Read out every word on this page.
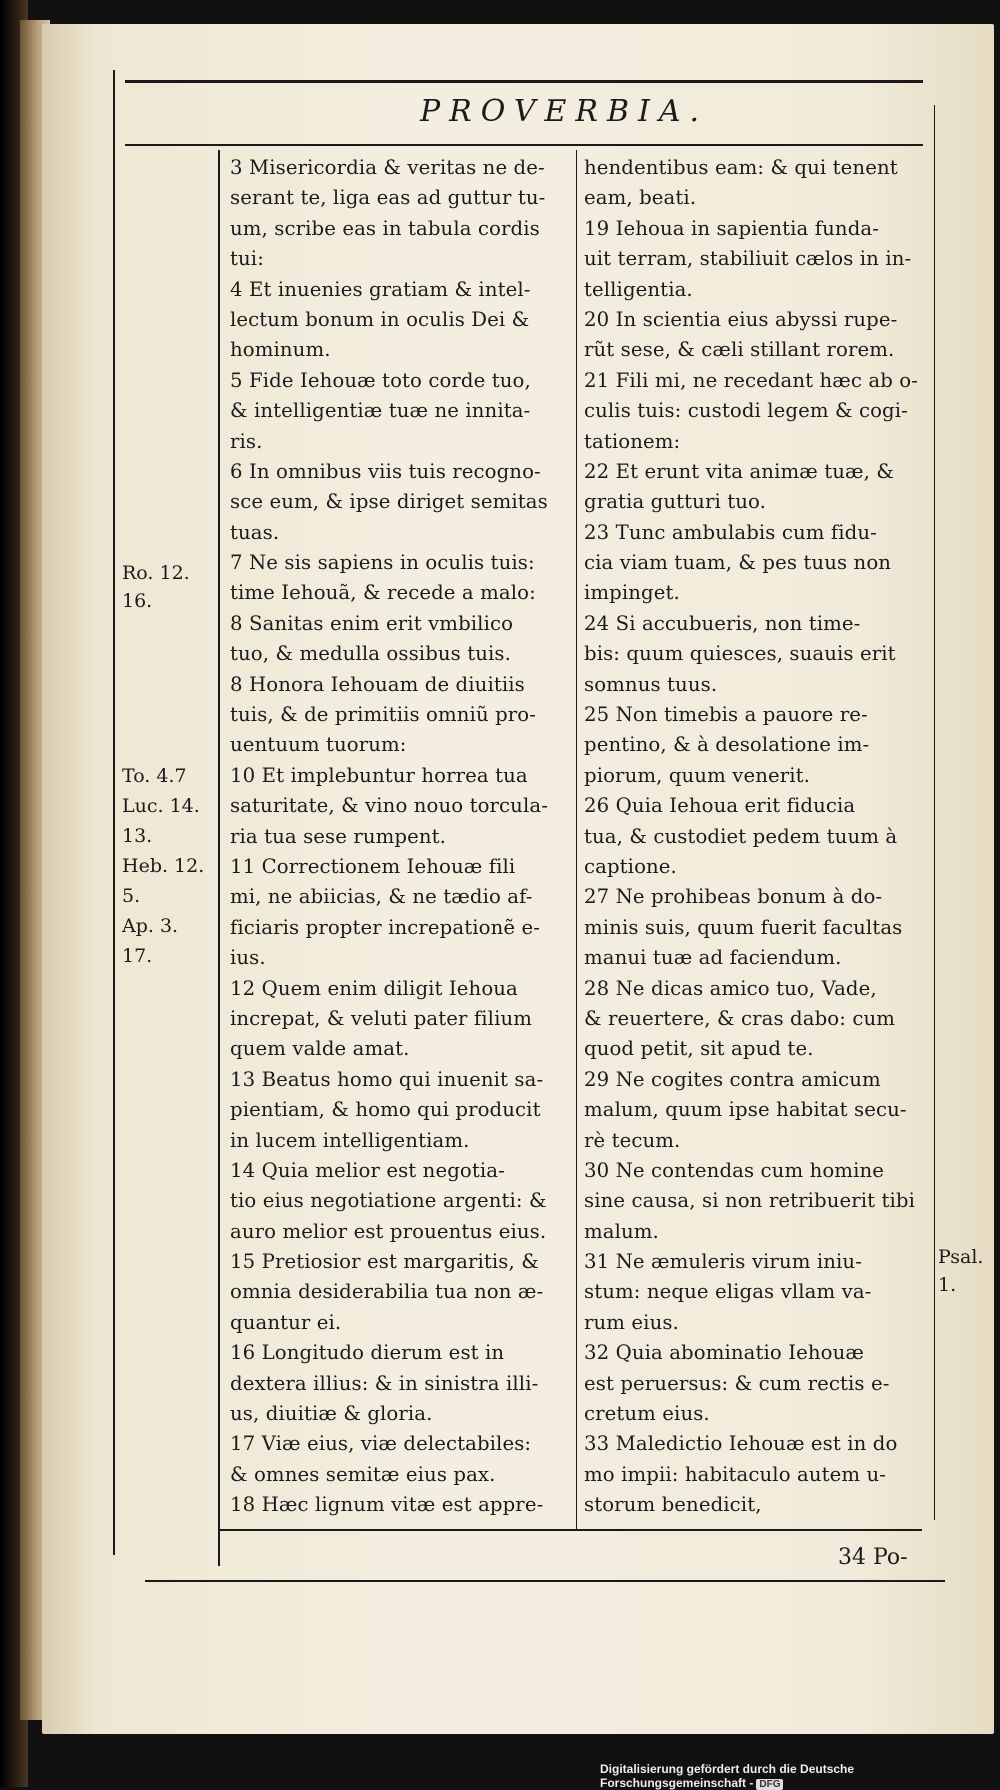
PROVERBIA.
Ro. 12.
16.
To. 4.7
Luc. 14.
13.
Heb. 12.
5.
Ap. 3.
17.
Psal.
1.
3 Misericordia & veritas ne de-
serant te, liga eas ad guttur tu-
um, scribe eas in tabula cordis
tui:
4 Et inuenies gratiam & intel-
lectum bonum in oculis Dei &
hominum.
5 Fide Iehouæ toto corde tuo,
& intelligentiæ tuæ ne innita-
ris.
6 In omnibus viis tuis recogno-
sce eum, & ipse diriget semitas
tuas.
7 Ne sis sapiens in oculis tuis:
time Iehouã, & recede a malo:
8 Sanitas enim erit vmbilico
tuo, & medulla ossibus tuis.
8 Honora Iehouam de diuitiis
tuis, & de primitiis omniũ pro-
uentuum tuorum:
10 Et implebuntur horrea tua
saturitate, & vino nouo torcula-
ria tua sese rumpent.
11 Correctionem Iehouæ fili
mi, ne abiicias, & ne tædio af-
ficiaris propter increpationẽ e-
ius.
12 Quem enim diligit Iehoua
increpat, & veluti pater filium
quem valde amat.
13 Beatus homo qui inuenit sa-
pientiam, & homo qui producit
in lucem intelligentiam.
14 Quia melior est negotia-
tio eius negotiatione argenti: &
auro melior est prouentus eius.
15 Pretiosior est margaritis, &
omnia desiderabilia tua non æ-
quantur ei.
16 Longitudo dierum est in
dextera illius: & in sinistra illi-
us, diuitiæ & gloria.
17 Viæ eius, viæ delectabiles:
& omnes semitæ eius pax.
18 Hæc lignum vitæ est appre-
hendentibus eam: & qui tenent
eam, beati.
19 Iehoua in sapientia funda-
uit terram, stabiliuit cælos in in-
telligentia.
20 In scientia eius abyssi rupe-
rũt sese, & cæli stillant rorem.
21 Fili mi, ne recedant hæc ab o-
culis tuis: custodi legem & cogi-
tationem:
22 Et erunt vita animæ tuæ, &
gratia gutturi tuo.
23 Tunc ambulabis cum fidu-
cia viam tuam, & pes tuus non
impinget.
24 Si accubueris, non time-
bis: quum quiesces, suauis erit
somnus tuus.
25 Non timebis a pauore re-
pentino, & à desolatione im-
piorum, quum venerit.
26 Quia Iehoua erit fiducia
tua, & custodiet pedem tuum à
captione.
27 Ne prohibeas bonum à do-
minis suis, quum fuerit facultas
manui tuæ ad faciendum.
28 Ne dicas amico tuo, Vade,
& reuertere, & cras dabo: cum
quod petit, sit apud te.
29 Ne cogites contra amicum
malum, quum ipse habitat secu-
rè tecum.
30 Ne contendas cum homine
sine causa, si non retribuerit tibi
malum.
31 Ne æmuleris virum iniu-
stum: neque eligas vllam va-
rum eius.
32 Quia abominatio Iehouæ
est peruersus: & cum rectis e-
cretum eius.
33 Maledictio Iehouæ est in do
mo impii: habitaculo autem u-
storum benedicit,
34 Po-
Digitalisierung gefördert durch die Deutsche Forschungsgemeinschaft - DFG
